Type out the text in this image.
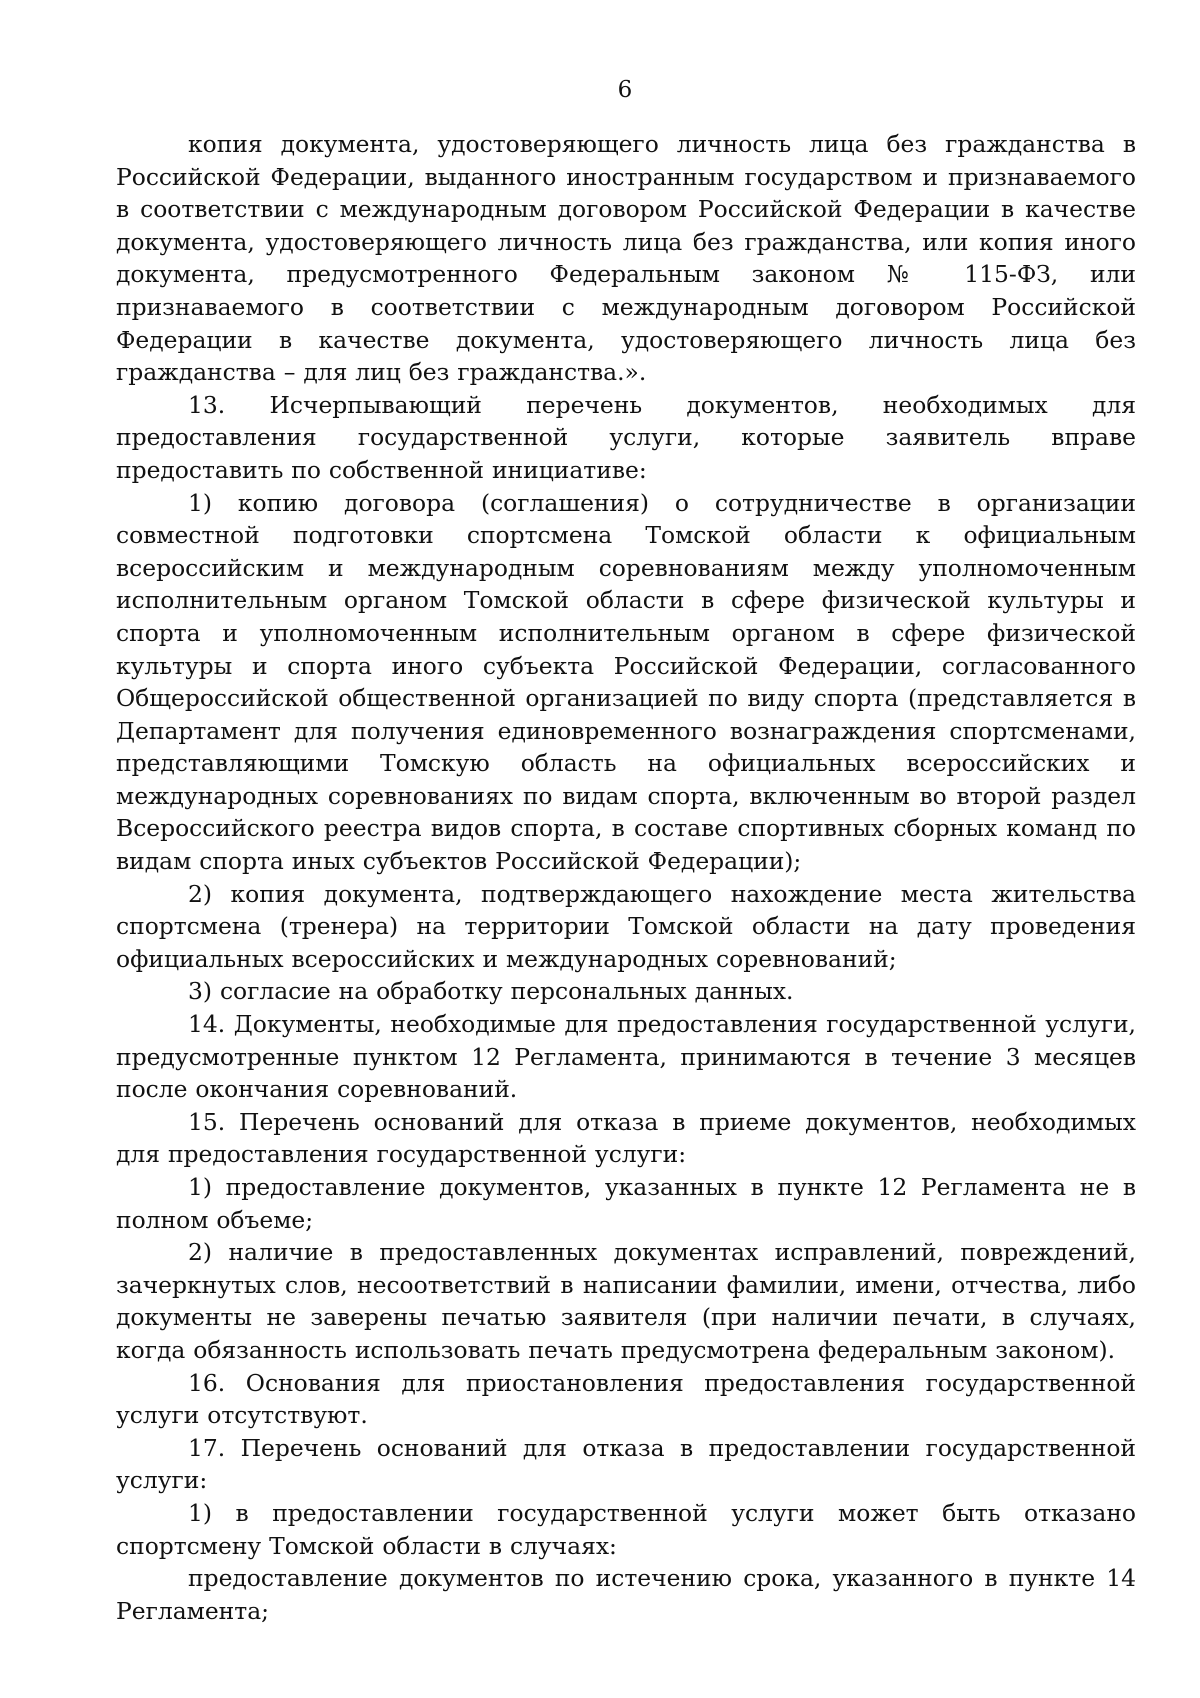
6

копия документа, удостоверяющего личность лица без гражданства в Российской Федерации, выданного иностранным государством и признаваемого в соответствии с международным договором Российской Федерации в качестве документа, удостоверяющего личность лица без гражданства, или копия иного документа, предусмотренного Федеральным законом № 115-ФЗ, или признаваемого в соответствии с международным договором Российской Федерации в качестве документа, удостоверяющего личность лица без гражданства – для лиц без гражданства.».

13. Исчерпывающий перечень документов, необходимых для предоставления государственной услуги, которые заявитель вправе предоставить по собственной инициативе:

1) копию договора (соглашения) о сотрудничестве в организации совместной подготовки спортсмена Томской области к официальным всероссийским и международным соревнованиям между уполномоченным исполнительным органом Томской области в сфере физической культуры и спорта и уполномоченным исполнительным органом в сфере физической культуры и спорта иного субъекта Российской Федерации, согласованного Общероссийской общественной организацией по виду спорта (представляется в Департамент для получения единовременного вознаграждения спортсменами, представляющими Томскую область на официальных всероссийских и международных соревнованиях по видам спорта, включенным во второй раздел Всероссийского реестра видов спорта, в составе спортивных сборных команд по видам спорта иных субъектов Российской Федерации);

2) копия документа, подтверждающего нахождение места жительства спортсмена (тренера) на территории Томской области на дату проведения официальных всероссийских и международных соревнований;

3) согласие на обработку персональных данных.

14. Документы, необходимые для предоставления государственной услуги, предусмотренные пунктом 12 Регламента, принимаются в течение 3 месяцев после окончания соревнований.

15. Перечень оснований для отказа в приеме документов, необходимых для предоставления государственной услуги:

1) предоставление документов, указанных в пункте 12 Регламента не в полном объеме;

2) наличие в предоставленных документах исправлений, повреждений, зачеркнутых слов, несоответствий в написании фамилии, имени, отчества, либо документы не заверены печатью заявителя (при наличии печати, в случаях, когда обязанность использовать печать предусмотрена федеральным законом).

16. Основания для приостановления предоставления государственной услуги отсутствуют.

17. Перечень оснований для отказа в предоставлении государственной услуги:

1) в предоставлении государственной услуги может быть отказано спортсмену Томской области в случаях:

предоставление документов по истечению срока, указанного в пункте 14 Регламента;
